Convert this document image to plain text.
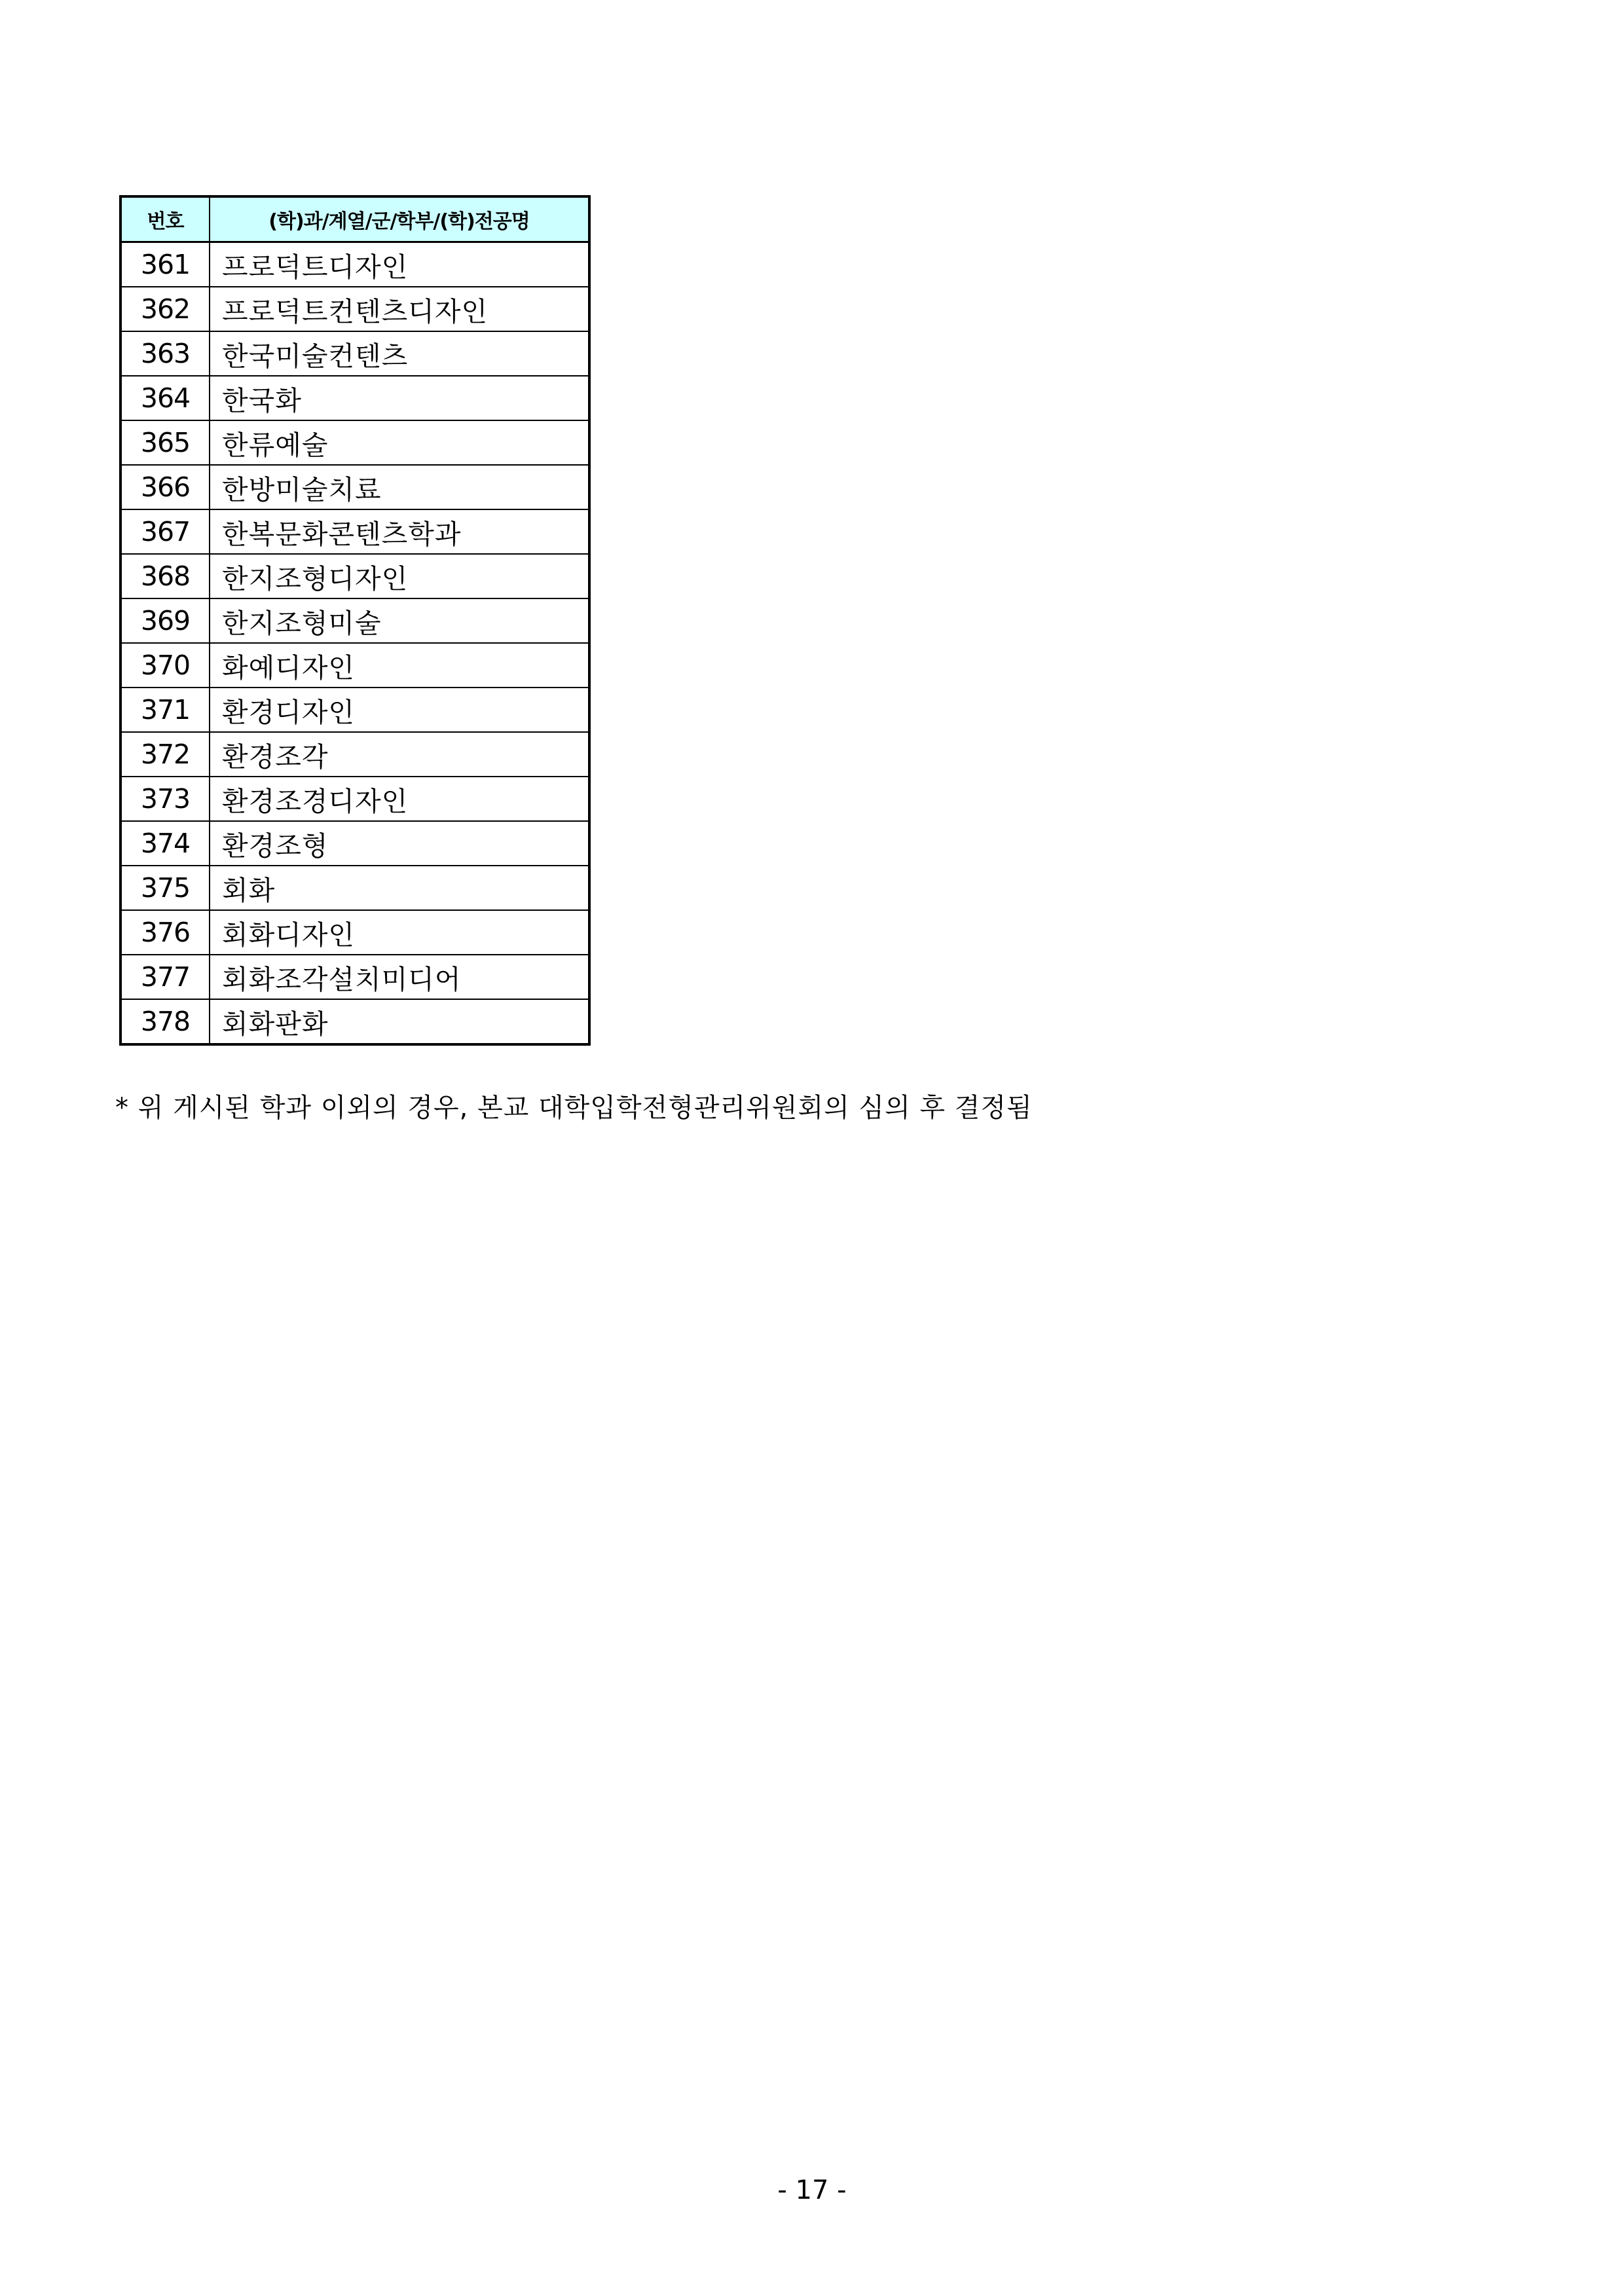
번호	(학)과/계열/군/학부/(학)전공명
361	프로덕트디자인
362	프로덕트컨텐츠디자인
363	한국미술컨텐츠
364	한국화
365	한류예술
366	한방미술치료
367	한복문화콘텐츠학과
368	한지조형디자인
369	한지조형미술
370	화예디자인
371	환경디자인
372	환경조각
373	환경조경디자인
374	환경조형
375	회화
376	회화디자인
377	회화조각설치미디어
378	회화판화
* 위 게시된 학과 이외의 경우, 본교 대학입학전형관리위원회의 심의 후 결정됨
- 17 -
